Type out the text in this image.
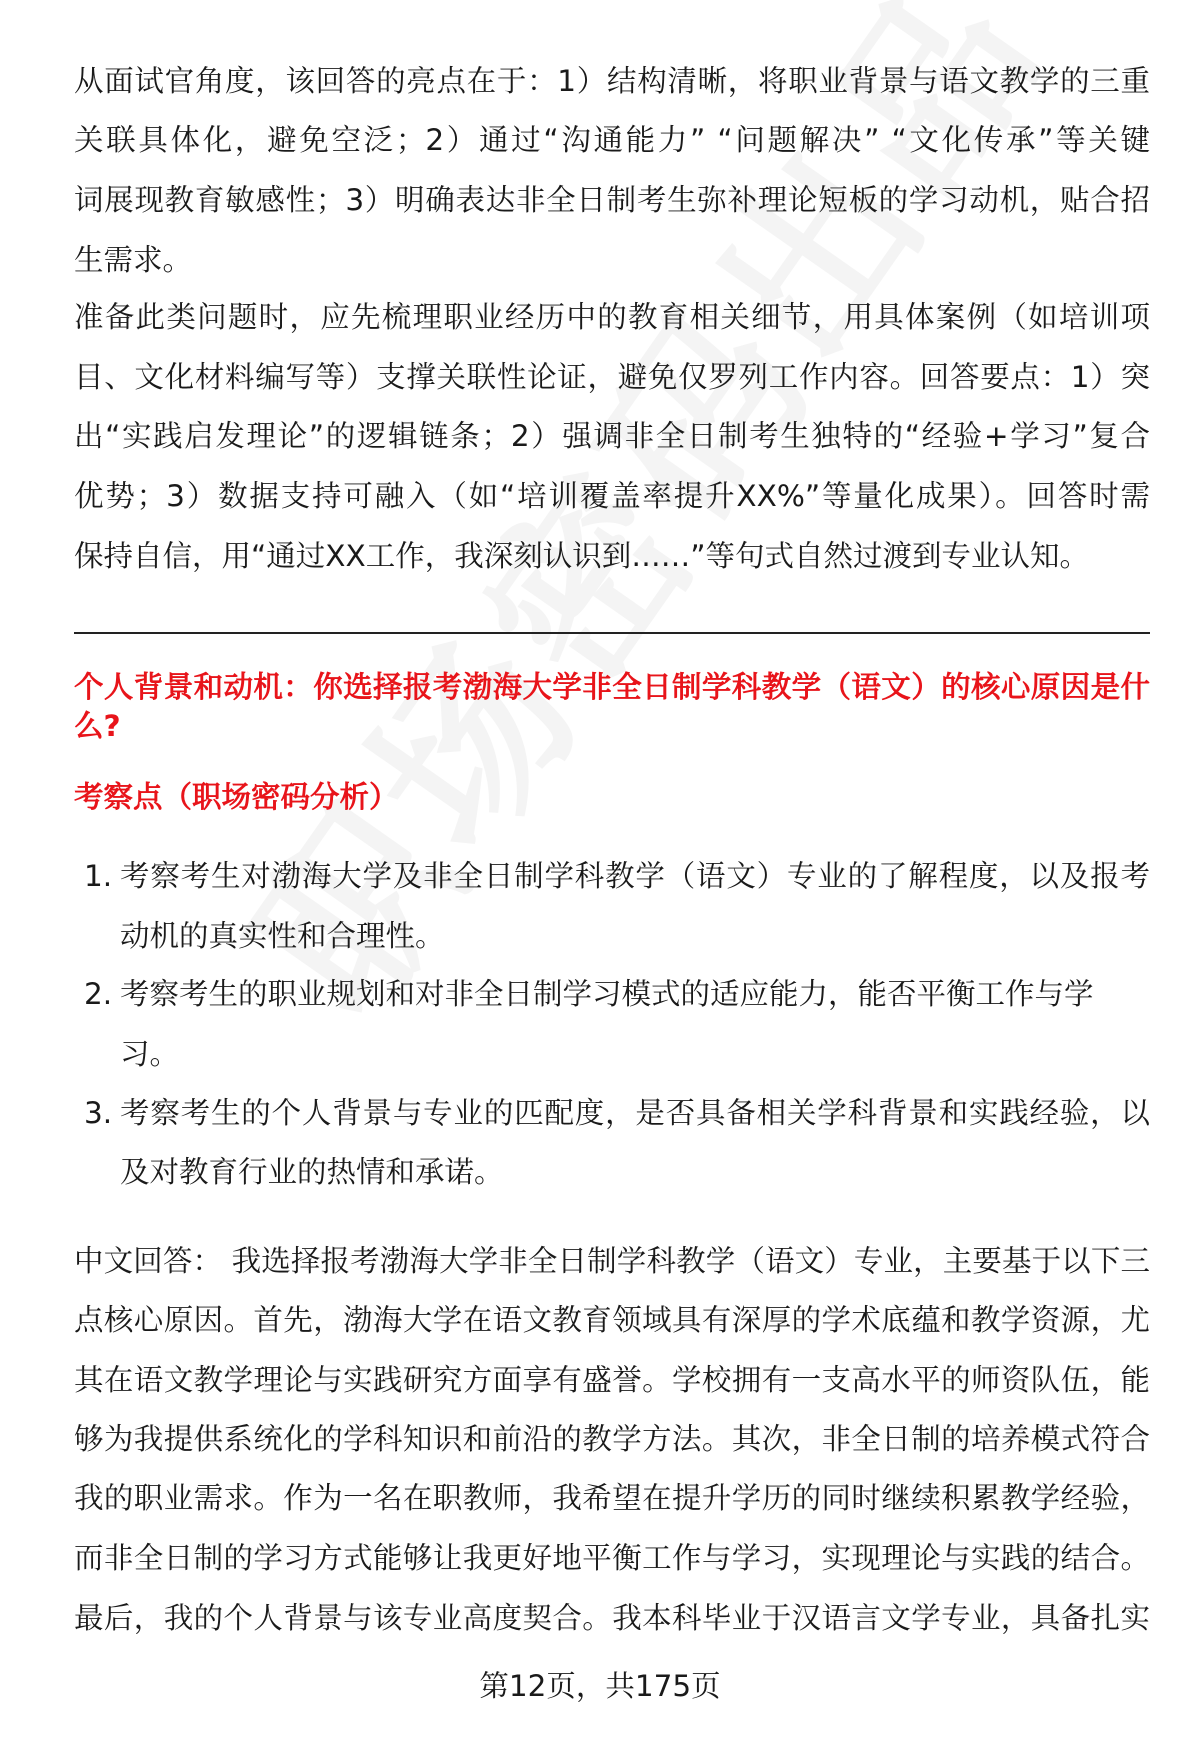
从面试官角度，该回答的亮点在于：1）结构清晰，将职业背景与语文教学的三重
关联具体化，避免空泛；2）通过“沟通能力” “问题解决” “文化传承”等关键
词展现教育敏感性；3）明确表达非全日制考生弥补理论短板的学习动机，贴合招
生需求。
准备此类问题时，应先梳理职业经历中的教育相关细节，用具体案例（如培训项
目、文化材料编写等）支撑关联性论证，避免仅罗列工作内容。回答要点：1）突
出“实践启发理论”的逻辑链条；2）强调非全日制考生独特的“经验+学习”复合
优势；3）数据支持可融入（如“培训覆盖率提升XX%”等量化成果）。回答时需
保持自信，用“通过XX工作，我深刻认识到……”等句式自然过渡到专业认知。
个人背景和动机：你选择报考渤海大学非全日制学科教学（语文）的核心原因是什
么?
考察点（职场密码分析）
1. 考察考生对渤海大学及非全日制学科教学（语文）专业的了解程度，以及报考
动机的真实性和合理性。
2. 考察考生的职业规划和对非全日制学习模式的适应能力，能否平衡工作与学
习。
3. 考察考生的个人背景与专业的匹配度，是否具备相关学科背景和实践经验，以
及对教育行业的热情和承诺。
中文回答： 我选择报考渤海大学非全日制学科教学（语文）专业，主要基于以下三
点核心原因。首先，渤海大学在语文教育领域具有深厚的学术底蕴和教学资源，尤
其在语文教学理论与实践研究方面享有盛誉。学校拥有一支高水平的师资队伍，能
够为我提供系统化的学科知识和前沿的教学方法。其次，非全日制的培养模式符合
我的职业需求。作为一名在职教师，我希望在提升学历的同时继续积累教学经验，
而非全日制的学习方式能够让我更好地平衡工作与学习，实现理论与实践的结合。
最后，我的个人背景与该专业高度契合。我本科毕业于汉语言文学专业，具备扎实
第12页，共175页
